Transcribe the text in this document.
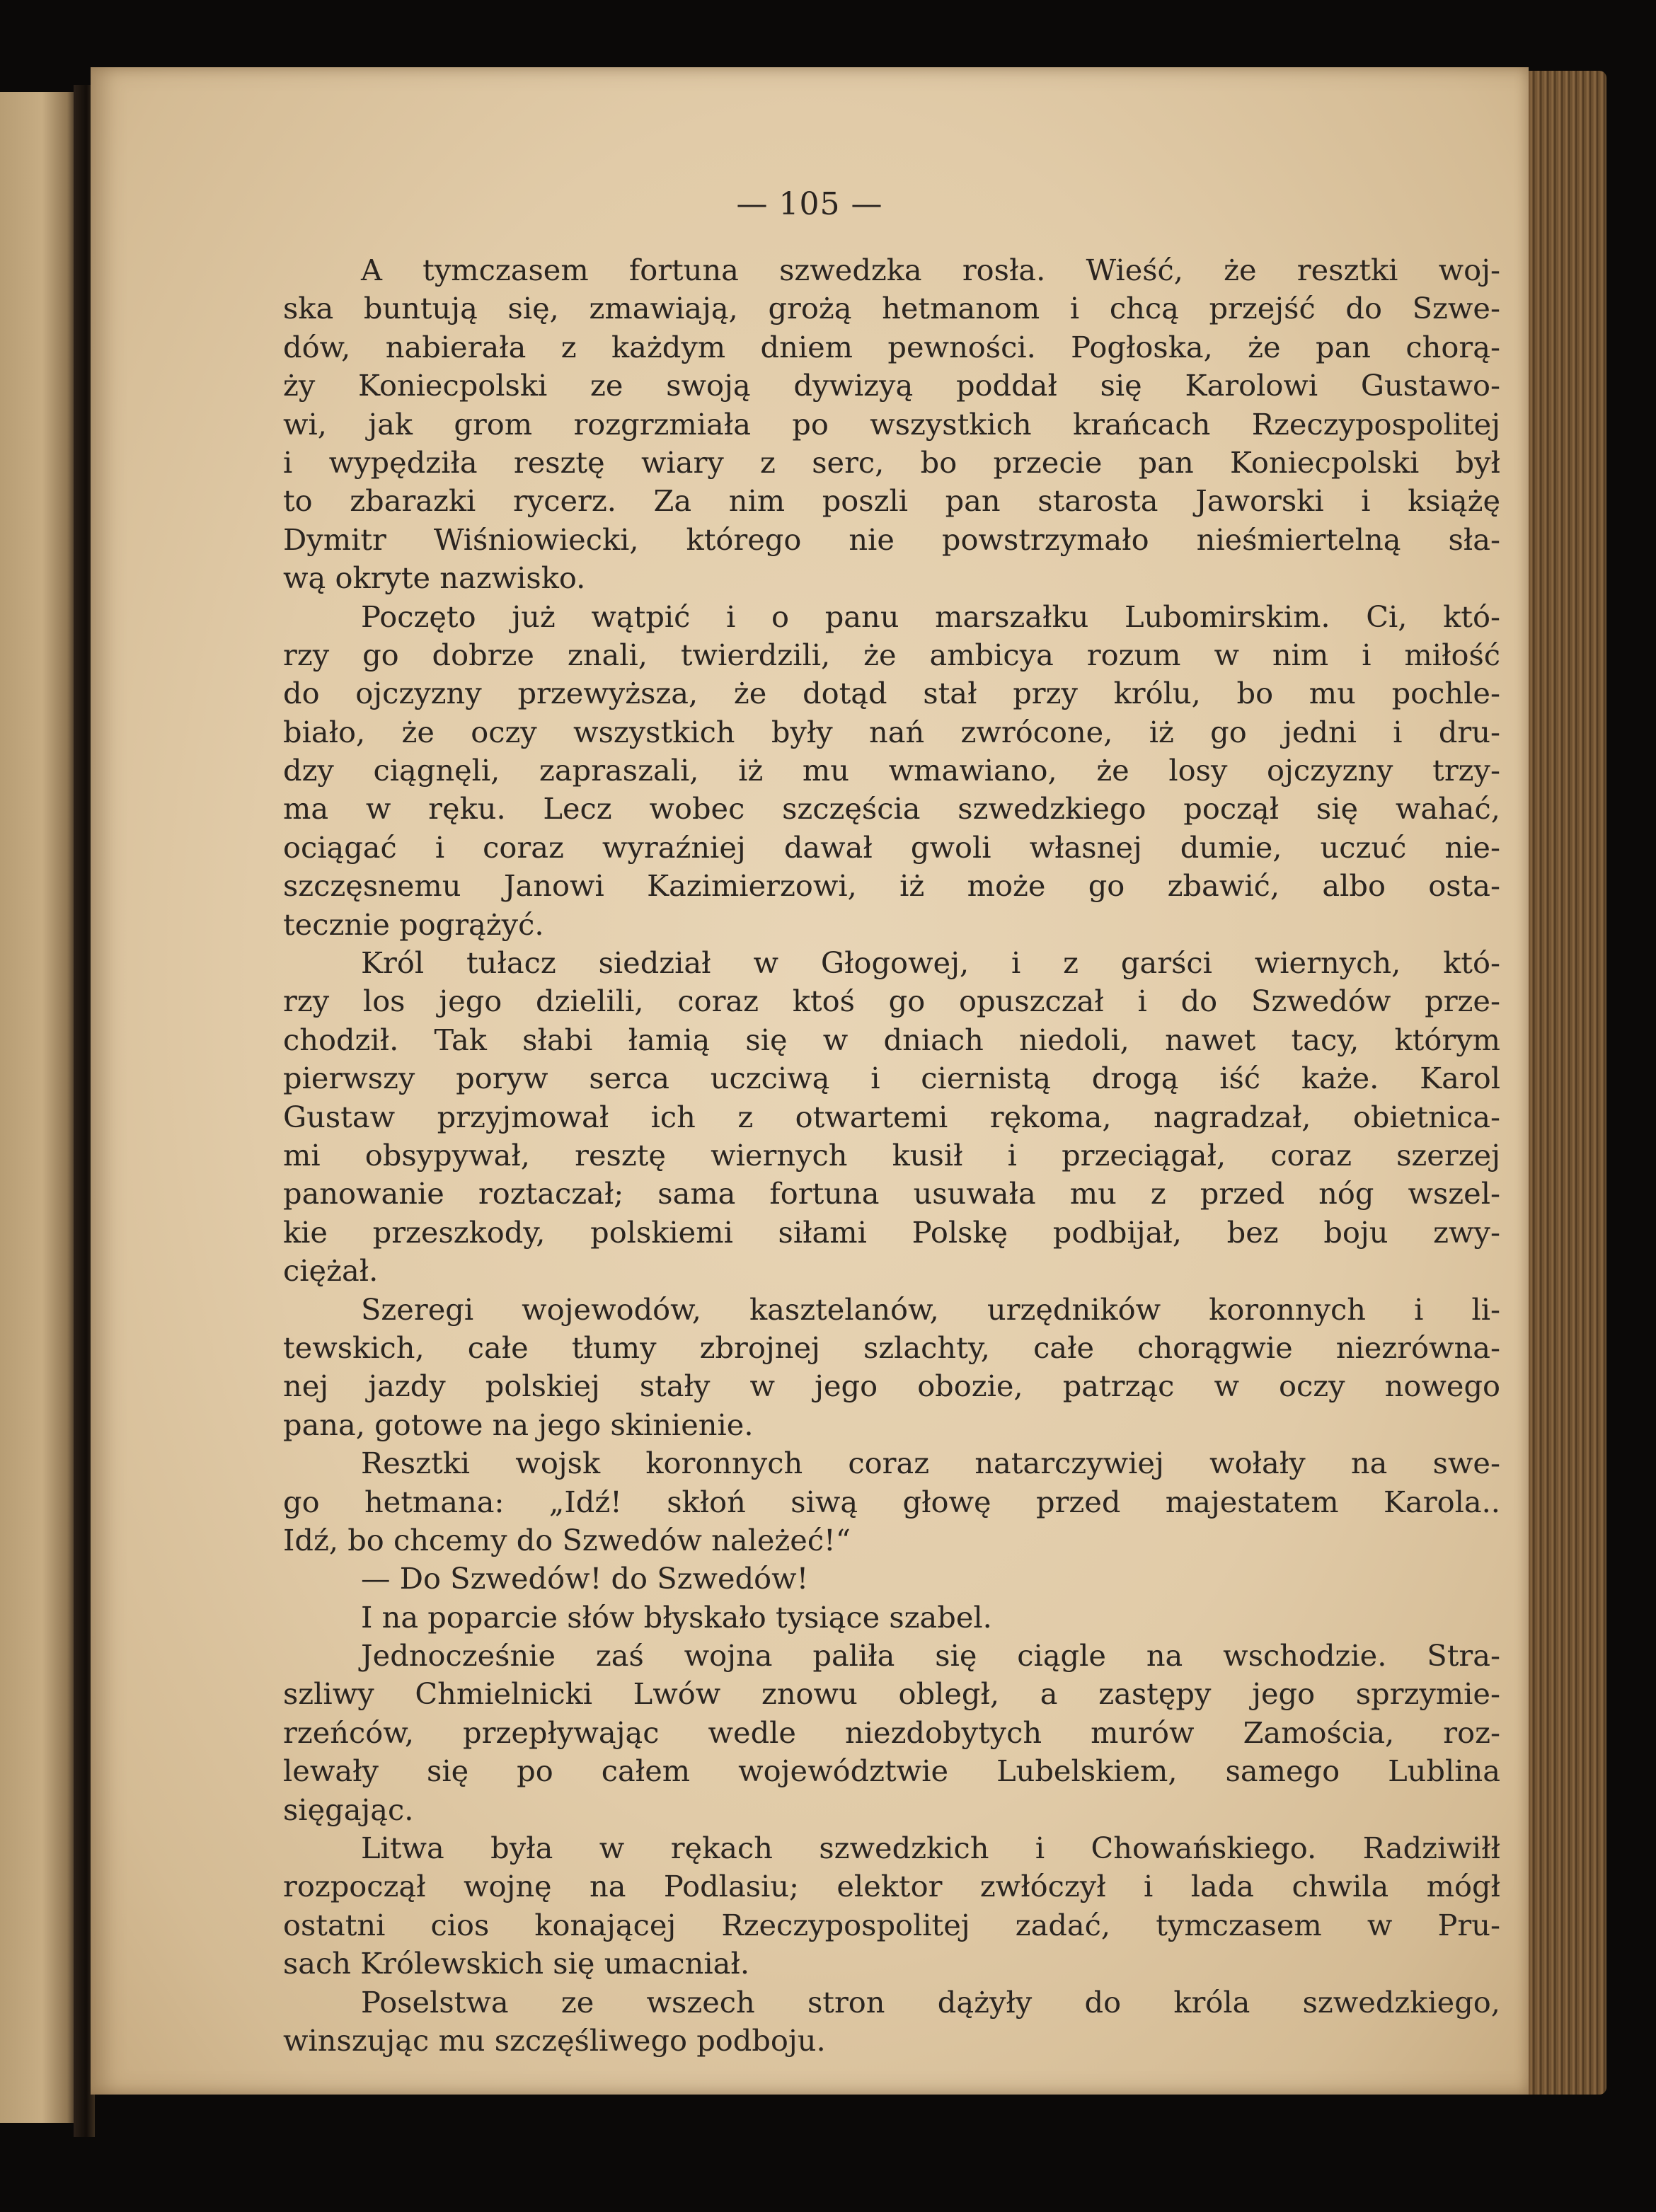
— 105 —
A tymczasem fortuna szwedzka rosła. Wieść, że resztki woj-
ska buntują się, zmawiają, grożą hetmanom i chcą przejść do Szwe-
dów, nabierała z każdym dniem pewności. Pogłoska, że pan chorą-
ży Koniecpolski ze swoją dywizyą poddał się Karolowi Gustawo-
wi, jak grom rozgrzmiała po wszystkich krańcach Rzeczypospolitej
i wypędziła resztę wiary z serc, bo przecie pan Koniecpolski był
to zbarazki rycerz. Za nim poszli pan starosta Jaworski i książę
Dymitr Wiśniowiecki, którego nie powstrzymało nieśmiertelną sła-
wą okryte nazwisko.
Poczęto już wątpić i o panu marszałku Lubomirskim. Ci, któ-
rzy go dobrze znali, twierdzili, że ambicya rozum w nim i miłość
do ojczyzny przewyższa, że dotąd stał przy królu, bo mu pochle-
biało, że oczy wszystkich były nań zwrócone, iż go jedni i dru-
dzy ciągnęli, zapraszali, iż mu wmawiano, że losy ojczyzny trzy-
ma w ręku. Lecz wobec szczęścia szwedzkiego począł się wahać,
ociągać i coraz wyraźniej dawał gwoli własnej dumie, uczuć nie-
szczęsnemu Janowi Kazimierzowi, iż może go zbawić, albo osta-
tecznie pogrążyć.
Król tułacz siedział w Głogowej, i z garści wiernych, któ-
rzy los jego dzielili, coraz ktoś go opuszczał i do Szwedów prze-
chodził. Tak słabi łamią się w dniach niedoli, nawet tacy, którym
pierwszy poryw serca uczciwą i ciernistą drogą iść każe. Karol
Gustaw przyjmował ich z otwartemi rękoma, nagradzał, obietnica-
mi obsypywał, resztę wiernych kusił i przeciągał, coraz szerzej
panowanie roztaczał; sama fortuna usuwała mu z przed nóg wszel-
kie przeszkody, polskiemi siłami Polskę podbijał, bez boju zwy-
ciężał.
Szeregi wojewodów, kasztelanów, urzędników koronnych i li-
tewskich, całe tłumy zbrojnej szlachty, całe chorągwie niezrówna-
nej jazdy polskiej stały w jego obozie, patrząc w oczy nowego
pana, gotowe na jego skinienie.
Resztki wojsk koronnych coraz natarczywiej wołały na swe-
go hetmana: „Idź! skłoń siwą głowę przed majestatem Karola..
Idź, bo chcemy do Szwedów należeć!“
— Do Szwedów! do Szwedów!
I na poparcie słów błyskało tysiące szabel.
Jednocześnie zaś wojna paliła się ciągle na wschodzie. Stra-
szliwy Chmielnicki Lwów znowu obległ, a zastępy jego sprzymie-
rzeńców, przepływając wedle niezdobytych murów Zamościa, roz-
lewały się po całem województwie Lubelskiem, samego Lublina
sięgając.
Litwa była w rękach szwedzkich i Chowańskiego. Radziwiłł
rozpoczął wojnę na Podlasiu; elektor zwłóczył i lada chwila mógł
ostatni cios konającej Rzeczypospolitej zadać, tymczasem w Pru-
sach Królewskich się umacniał.
Poselstwa ze wszech stron dążyły do króla szwedzkiego,
winszując mu szczęśliwego podboju.
